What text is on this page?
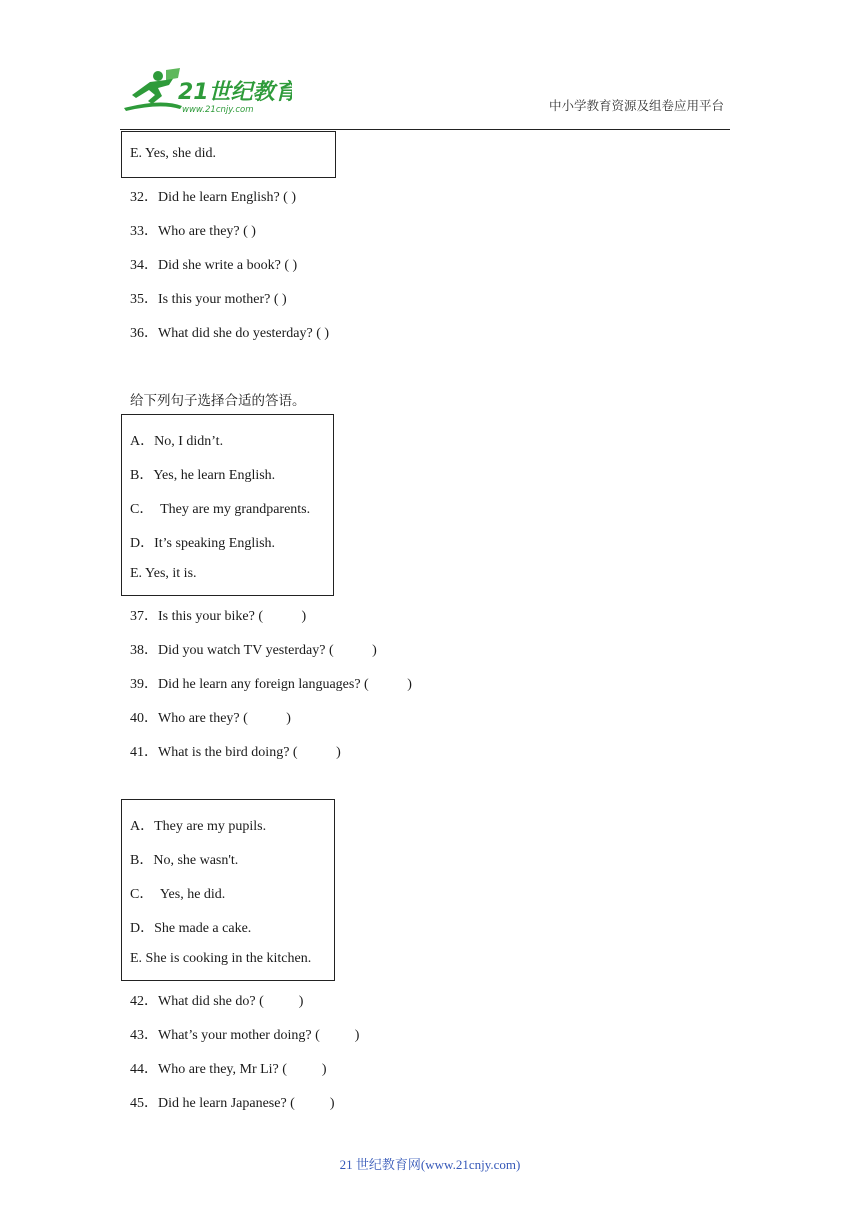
21世纪教育
www.21cnjy.com	中小学教育资源及组卷应用平台
E. Yes, she did.
32．Did he learn English? ( )
33．Who are they? ( )
34．Did she write a book? ( )
35．Is this your mother? ( )
36．What did she do yesterday? ( )
给下列句子选择合适的答语。
A．No, I didn’t.
B．Yes, he learn English.
C．  They are my grandparents.
D．It’s speaking English.
E. Yes, it is.
37．Is this your bike? (           )
38．Did you watch TV yesterday? (           )
39．Did he learn any foreign languages? (           )
40．Who are they? (           )
41．What is the bird doing? (           )
A．They are my pupils.
B．No, she wasn't.
C．  Yes, he did.
D．She made a cake.
E. She is cooking in the kitchen.
42．What did she do? (          )
43．What’s your mother doing? (          )
44．Who are they, Mr Li? (          )
45．Did he learn Japanese? (          )
21 世纪教育网(www.21cnjy.com)
